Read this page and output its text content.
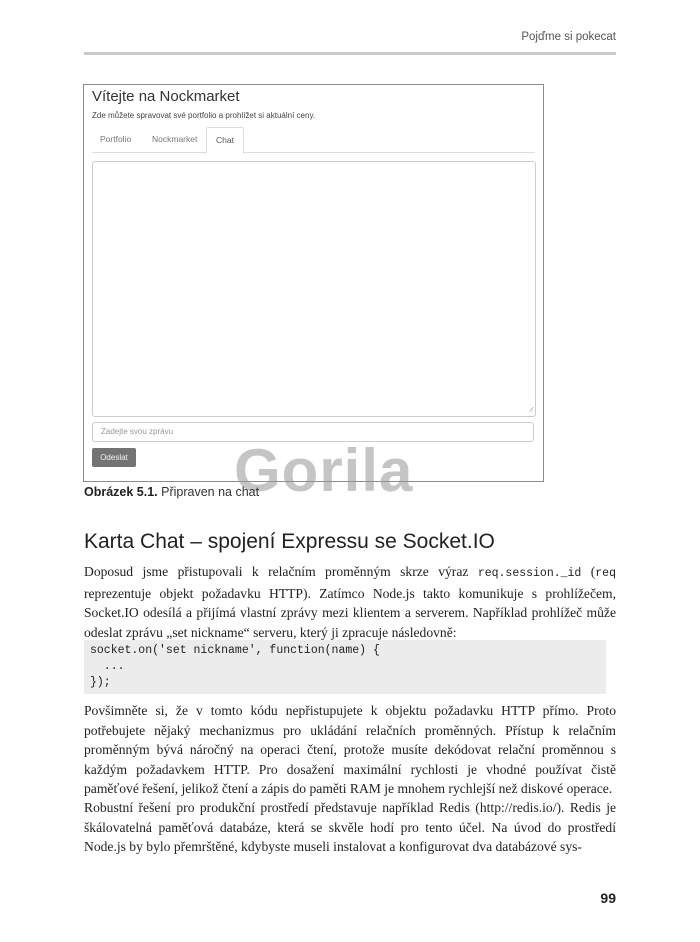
Pojďme si pokecat
Vítejte na Nockmarket
Zde můžete spravovat své portfolio a prohlížet si aktuální ceny.
Portfolio Nockmarket	Chat
⁄⁄
Zadejte svou zprávu
Odeslat Gorila
Obrázek 5.1. Připraven na chat
Karta Chat – spojení Expressu se Socket.IO

Doposud jsme přistupovali k relačním proměnným skrze výraz req.session._id (req reprezentuje objekt požadavku HTTP). Zatímco Node.js takto komunikuje s prohlížečem, Socket.IO odesílá a přijímá vlastní zprávy mezi klientem a serverem. Například prohlížeč může odeslat zprávu „set nickname“ serveru, který ji zpracuje následovně:

socket.on('set nickname', function(name) {
...
});

Povšimněte si, že v tomto kódu nepřistupujete k objektu požadavku HTTP přímo. Proto potřebujete nějaký mechanizmus pro ukládání relačních proměnných. Přístup k relačním proměnným bývá náročný na operaci čtení, protože musíte dekódovat relační proměnnou s každým požadavkem HTTP. Pro dosažení maximální rychlosti je vhodné používat čistě paměťové řešení, jelikož čtení a zápis do paměti RAM je mnohem rychlejší než diskové operace.

Robustní řešení pro produkční prostředí představuje například Redis (http://redis.io/). Redis je škálovatelná paměťová databáze, která se skvěle hodí pro tento účel. Na úvod do prostředí Node.js by bylo přemrštěné, kdybyste museli instalovat a konfigurovat dva databázové sys-

99
